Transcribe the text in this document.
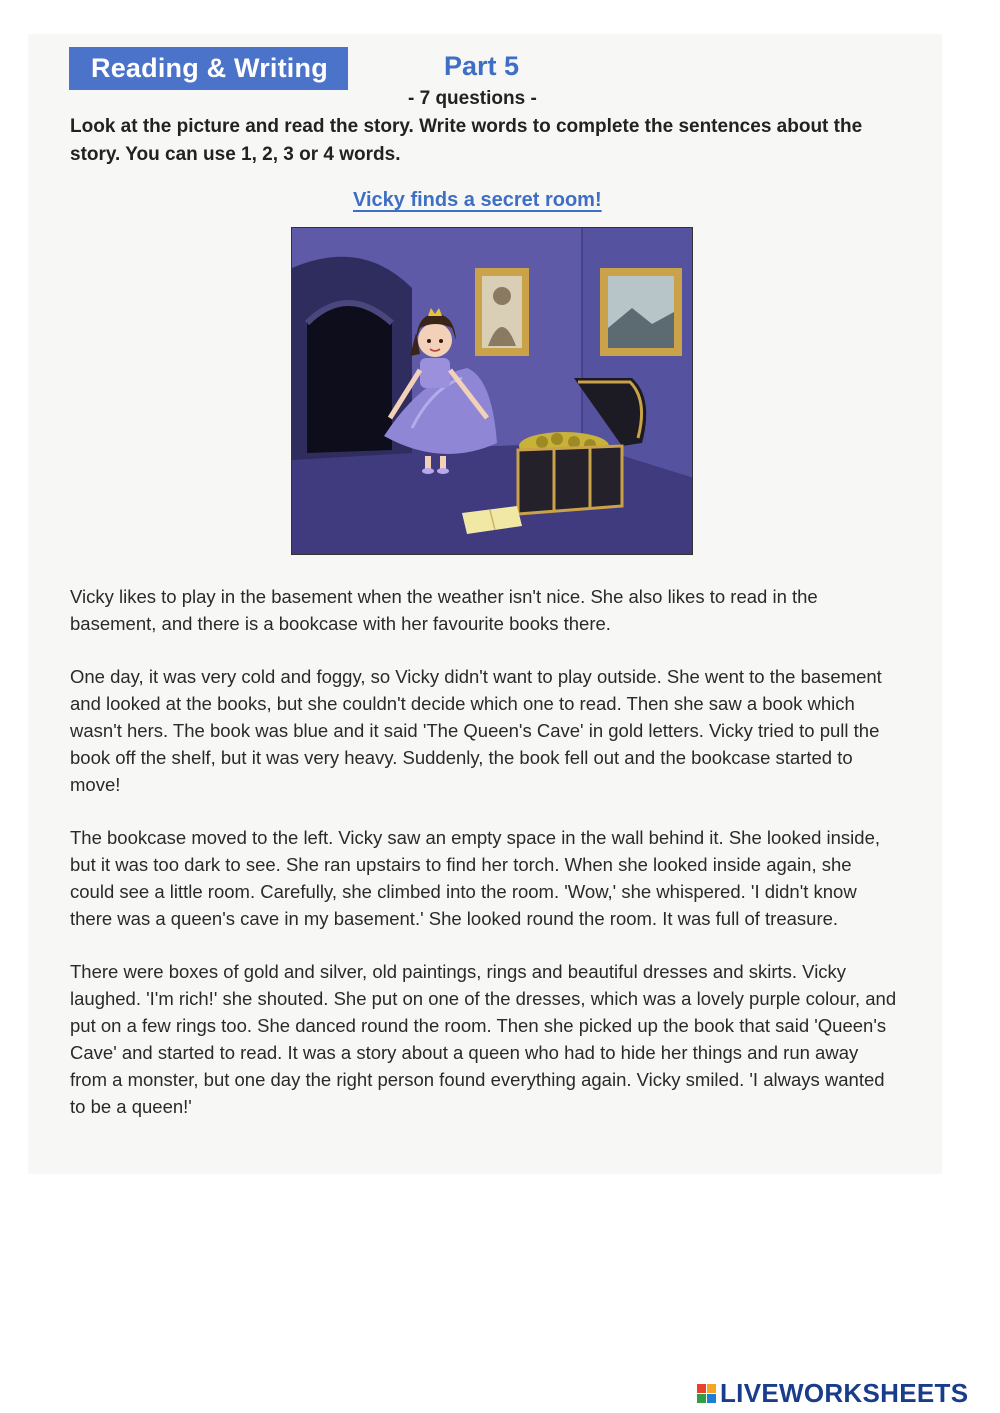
Reading & Writing	Part 5
- 7 questions -
Look at the picture and read the story. Write words to complete the sentences about the story. You can use 1, 2, 3 or 4 words.
Vicky finds a secret room!

Vicky likes to play in the basement when the weather isn't nice. She also likes to read in the basement, and there is a bookcase with her favourite books there.

One day, it was very cold and foggy, so Vicky didn't want to play outside. She went to the basement and looked at the books, but she couldn't decide which one to read. Then she saw a book which wasn't hers. The book was blue and it said 'The Queen's Cave' in gold letters. Vicky tried to pull the book off the shelf, but it was very heavy. Suddenly, the book fell out and the bookcase started to move!

The bookcase moved to the left. Vicky saw an empty space in the wall behind it. She looked inside, but it was too dark to see. She ran upstairs to find her torch. When she looked inside again, she could see a little room. Carefully, she climbed into the room. 'Wow,' she whispered. 'I didn't know there was a queen's cave in my basement.' She looked round the room. It was full of treasure.

There were boxes of gold and silver, old paintings, rings and beautiful dresses and skirts. Vicky laughed. 'I'm rich!' she shouted. She put on one of the dresses, which was a lovely purple colour, and put on a few rings too. She danced round the room. Then she picked up the book that said 'Queen's Cave' and started to read. It was a story about a queen who had to hide her things and run away from a monster, but one day the right person found everything again. Vicky smiled. 'I always wanted to be a queen!'

LIVEWORKSHEETS
